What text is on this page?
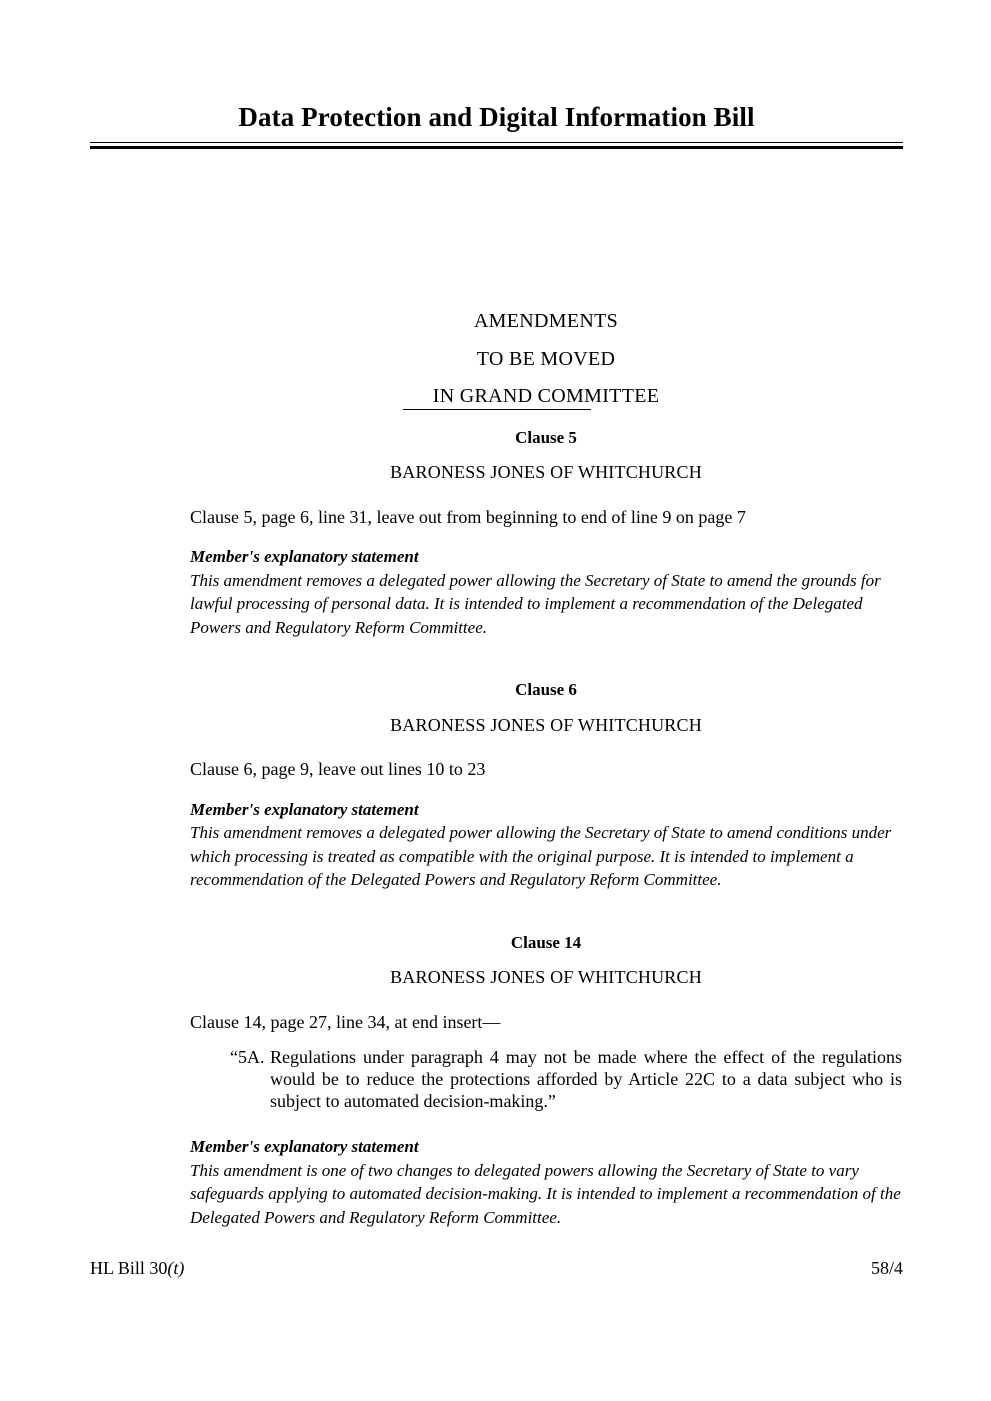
Data Protection and Digital Information Bill
AMENDMENTS
TO BE MOVED
IN GRAND COMMITTEE
Clause 5
BARONESS JONES OF WHITCHURCH
Clause 5, page 6, line 31, leave out from beginning to end of line 9 on page 7
Member's explanatory statement
This amendment removes a delegated power allowing the Secretary of State to amend the grounds for lawful processing of personal data. It is intended to implement a recommendation of the Delegated Powers and Regulatory Reform Committee.
Clause 6
BARONESS JONES OF WHITCHURCH
Clause 6, page 9, leave out lines 10 to 23
Member's explanatory statement
This amendment removes a delegated power allowing the Secretary of State to amend conditions under which processing is treated as compatible with the original purpose. It is intended to implement a recommendation of the Delegated Powers and Regulatory Reform Committee.
Clause 14
BARONESS JONES OF WHITCHURCH
Clause 14, page 27, line 34, at end insert—
“5A. Regulations under paragraph 4 may not be made where the effect of the regulations would be to reduce the protections afforded by Article 22C to a data subject who is subject to automated decision-making.”
Member's explanatory statement
This amendment is one of two changes to delegated powers allowing the Secretary of State to vary safeguards applying to automated decision-making. It is intended to implement a recommendation of the Delegated Powers and Regulatory Reform Committee.
HL Bill 30(t)	58/4
